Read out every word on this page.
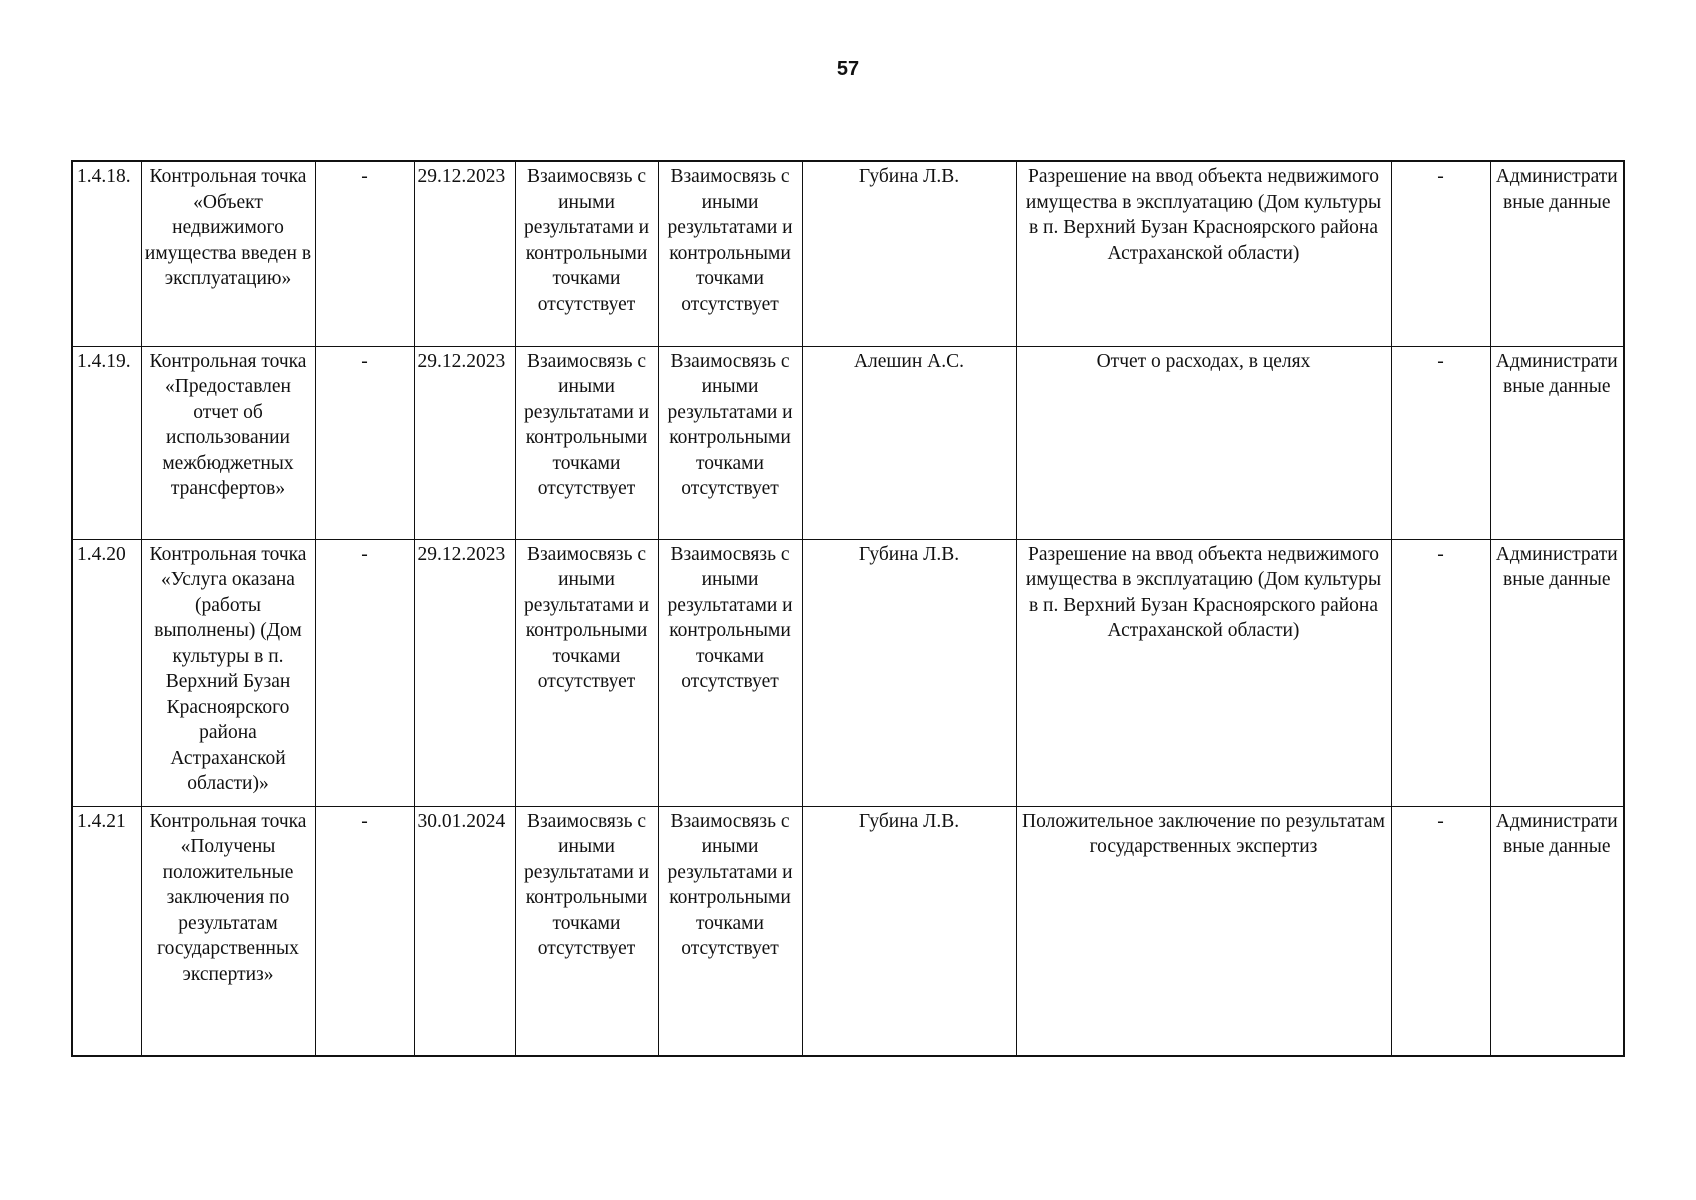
57
1.4.18.	Контрольная точка «Объект недвижимого имущества введен в эксплуатацию»	-	29.12.2023	Взаимосвязь с иными результатами и контрольными точками отсутствует	Взаимосвязь с иными результатами и контрольными точками отсутствует	Губина Л.В.	Разрешение на ввод объекта недвижимого имущества в эксплуатацию (Дом культуры в п. Верхний Бузан Красноярского района Астраханской области)	-	Административные данные
1.4.19.	Контрольная точка «Предоставлен отчет об использовании межбюджетных трансфертов»	-	29.12.2023	Взаимосвязь с иными результатами и контрольными точками отсутствует	Взаимосвязь с иными результатами и контрольными точками отсутствует	Алешин А.С.	Отчет о расходах, в целях	-	Административные данные
1.4.20	Контрольная точка «Услуга оказана (работы выполнены) (Дом культуры в п. Верхний Бузан Красноярского района Астраханской области)»	-	29.12.2023	Взаимосвязь с иными результатами и контрольными точками отсутствует	Взаимосвязь с иными результатами и контрольными точками отсутствует	Губина Л.В.	Разрешение на ввод объекта недвижимого имущества в эксплуатацию (Дом культуры в п. Верхний Бузан Красноярского района Астраханской области)	-	Административные данные
1.4.21	Контрольная точка «Получены положительные заключения по результатам государственных экспертиз»	-	30.01.2024	Взаимосвязь с иными результатами и контрольными точками отсутствует	Взаимосвязь с иными результатами и контрольными точками отсутствует	Губина Л.В.	Положительное заключение по результатам государственных экспертиз	-	Административные данные
